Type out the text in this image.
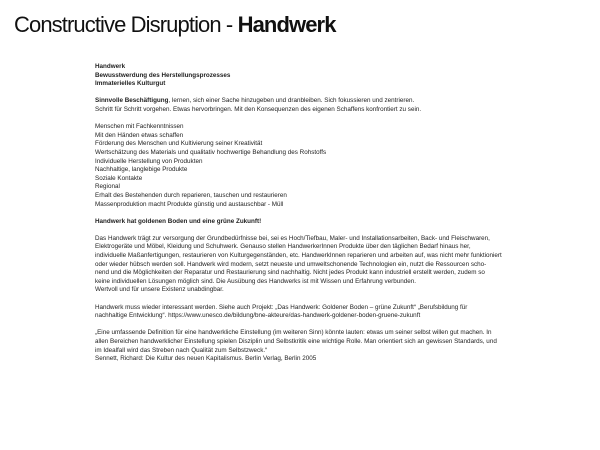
Constructive Disruption - Handwerk

Handwerk

Bewusstwerdung des Herstellungsprozesses

Immaterielles Kulturgut

Sinnvolle Beschäftigung, lernen, sich einer Sache hinzugeben und dranbleiben. Sich fokussieren und zentrieren.

Schritt für Schritt vorgehen. Etwas hervorbringen. Mit den Konsequenzen des eigenen Schaffens konfrontiert zu sein.

Menschen mit Fachkenntnissen
Mit den Händen etwas schaffen
Förderung des Menschen und Kultivierung seiner Kreativität
Wertschätzung des Materials und qualitativ hochwertige Behandlung des Rohstoffs
Individuelle Herstellung von Produkten
Nachhaltige, langlebige Produkte
Soziale Kontakte
Regional
Erhalt des Bestehenden durch reparieren, tauschen und restaurieren
Massenproduktion macht Produkte günstig und austauschbar - Müll

Handwerk hat goldenen Boden und eine grüne Zukunft!

Das Handwerk trägt zur versorgung der Grundbedürfnisse bei, sei es Hoch/Tiefbau, Maler- und Installationsarbeiten, Back- und Fleischwaren,
Elektrogeräte und Möbel, Kleidung und Schuhwerk. Genauso stellen HandwerkerInnen Produkte über den täglichen Bedarf hinaus her,
individuelle Maßanfertigungen, restaurieren von Kulturgegenständen, etc. HandwerkInnen reparieren und arbeiten auf, was nicht mehr funktioniert
oder wieder hübsch werden soll. Handwerk wird modern, setzt neueste und umweltschonende Technologien ein, nutzt die Ressourcen scho-
nend und die Möglichkeiten der Reparatur und Restaurierung sind nachhaltig. Nicht jedes Produkt kann industriell erstellt werden, zudem so
keine individuellen Lösungen möglich sind. Die Ausübung des Handwerks ist mit Wissen und Erfahrung verbunden.
Wertvoll und für unsere Existenz unabdingbar.
Handwerk muss wieder interessant werden. Siehe auch Projekt: „Das Handwerk: Goldener Boden – grüne Zukunft“ „Berufsbildung für
nachhaltige Entwicklung“. https://www.unesco.de/bildung/bne-akteure/das-handwerk-goldener-boden-gruene-zukunft
„Eine umfassende Definition für eine handwerkliche Einstellung (im weiteren Sinn) könnte lauten: etwas um seiner selbst willen gut machen. In
allen Bereichen handwerklicher Einstellung spielen Disziplin und Selbstkritik eine wichtige Rolle. Man orientiert sich an gewissen Standards, und
im Idealfall wird das Streben nach Qualität zum Selbstzweck.“
Sennett, Richard: Die Kultur des neuen Kapitalismus. Berlin Verlag, Berlin 2005
